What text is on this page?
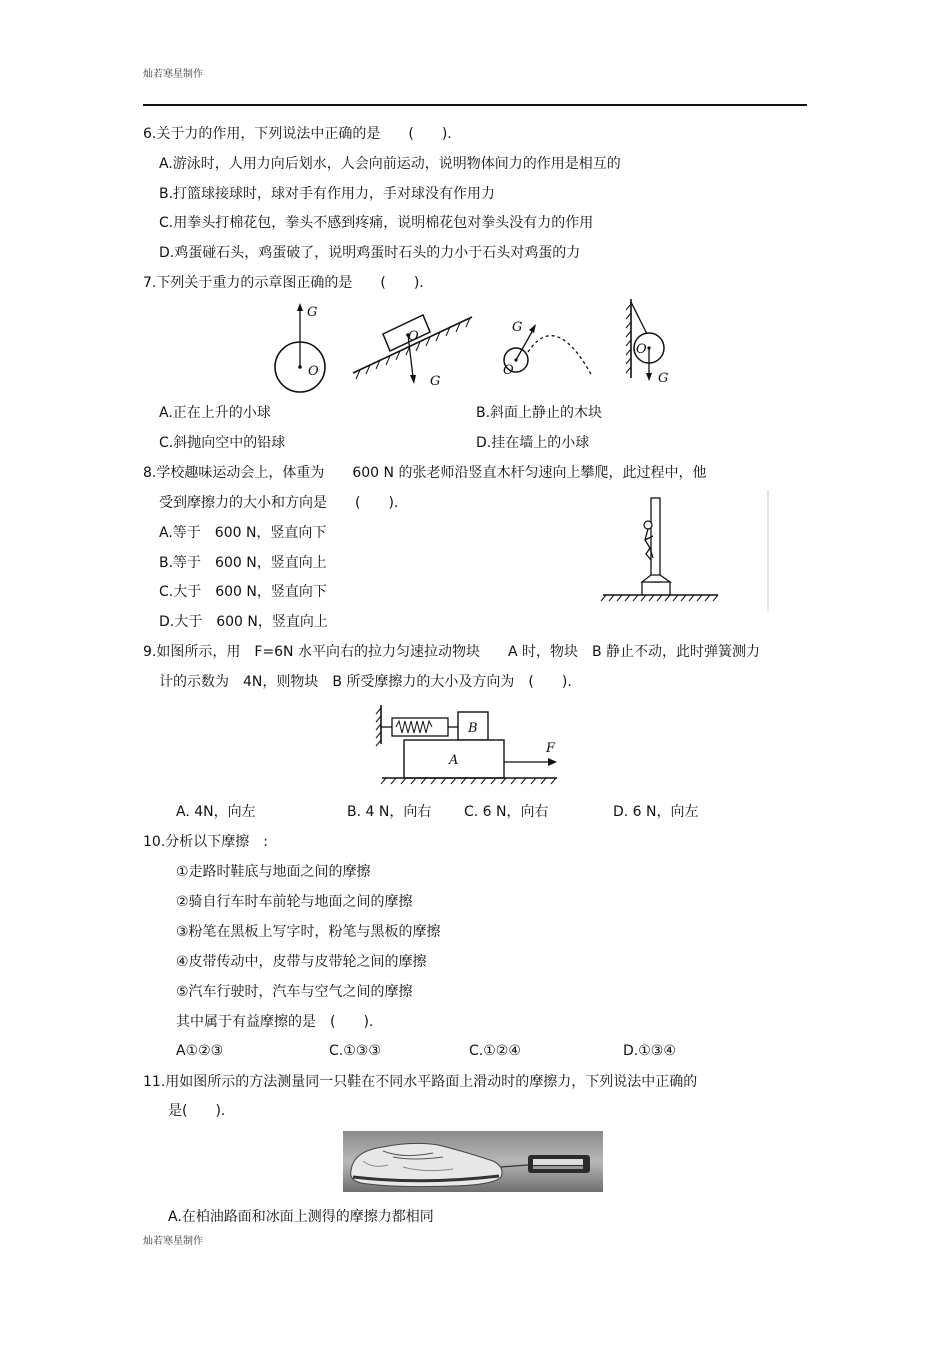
灿若寒星制作
6.关于力的作用，下列说法中正确的是　　(　　).
A.游泳时，人用力向后划水，人会向前运动，说明物体间力的作用是相互的
B.打篮球接球时，球对手有作用力，手对球没有作用力
C.用拳头打棉花包，拳头不感到疼痛，说明棉花包对拳头没有力的作用
D.鸡蛋碰石头，鸡蛋破了，说明鸡蛋时石头的力小于石头对鸡蛋的力
7.下列关于重力的示章图正确的是　　(　　).
G
O
O
G
G
O
O
G
A.正在上升的小球	B.斜面上静止的木块
C.斜抛向空中的铅球	D.挂在墙上的小球
8.学校趣味运动会上，体重为　　600 N 的张老师沿竖直木杆匀速向上攀爬，此过程中，他
受到摩擦力的大小和方向是　　(　　).
A.等于　600 N，竖直向下
B.等于　600 N，竖直向上
C.大于　600 N，竖直向下
D.大于　600 N，竖直向上
9.如图所示，用　F=6N 水平向右的拉力匀速拉动物块　　A 时，物块　B 静止不动，此时弹簧测力
计的示数为　4N，则物块　B 所受摩擦力的大小及方向为　(　　).
B
A
F
A. 4N，向左	B. 4 N，向右 C. 6 N，向右	D. 6 N，向左
10.分析以下摩擦　:
①走路时鞋底与地面之间的摩擦
②骑自行车时车前轮与地面之间的摩擦
③粉笔在黑板上写字时，粉笔与黑板的摩擦
④皮带传动中，皮带与皮带轮之间的摩擦
⑤汽车行驶时，汽车与空气之间的摩擦
其中属于有益摩擦的是　(　　).
A①②③	C.①③③	C.①②④	D.①③④
11.用如图所示的方法测量同一只鞋在不同水平路面上滑动时的摩擦力，下列说法中正确的
是(　　).
A.在柏油路面和冰面上测得的摩擦力都相同
灿若寒星制作
